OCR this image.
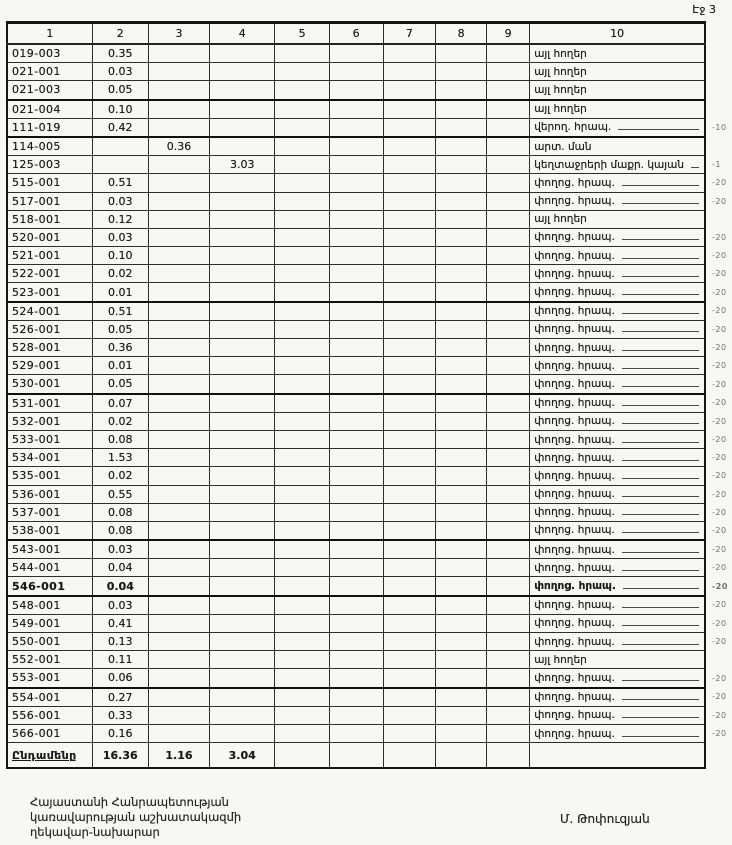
Էջ 3
1	2	3	4	5	6	7	8	9	10	
019-003	0.35								այլ հողեր	

021-001	0.03								այլ հողեր	

021-003	0.05								այլ հողեր	

021-004	0.10								այլ հողեր	

111-019	0.42								վերող. հրապ.	-10
114-005		0.36							արտ. ման	

125-003			3.03						կեղտաջրերի մաքր. կայան	-1
515-001	0.51								փողոց. հրապ.	-20
517-001	0.03								փողոց. հրապ.	-20
518-001	0.12								այլ հողեր	

520-001	0.03								փողոց. հրապ.	-20
521-001	0.10								փողոց. հրապ.	-20
522-001	0.02								փողոց. հրապ.	-20
523-001	0.01								փողոց. հրապ.	-20
524-001	0.51								փողոց. հրապ.	-20
526-001	0.05								փողոց. հրապ.	-20
528-001	0.36								փողոց. հրապ.	-20
529-001	0.01								փողոց. հրապ.	-20
530-001	0.05								փողոց. հրապ.	-20
531-001	0.07								փողոց. հրապ.	-20
532-001	0.02								փողոց. հրապ.	-20
533-001	0.08								փողոց. հրապ.	-20
534-001	1.53								փողոց. հրապ.	-20
535-001	0.02								փողոց. հրապ.	-20
536-001	0.55								փողոց. հրապ.	-20
537-001	0.08								փողոց. հրապ.	-20
538-001	0.08								փողոց. հրապ.	-20
543-001	0.03								փողոց. հրապ.	-20
544-001	0.04								փողոց. հրապ.	-20
546-001	0.04								փողոց. հրապ.	-20
548-001	0.03								փողոց. հրապ.	-20
549-001	0.41								փողոց. հրապ.	-20
550-001	0.13								փողոց. հրապ.	-20
552-001	0.11								այլ հողեր	

553-001	0.06								փողոց. հրապ.	-20
554-001	0.27								փողոց. հրապ.	-20
556-001	0.33								փողոց. հրապ.	-20
566-001	0.16								փողոց. հրապ.	-20
Ընդամենը	16.36	1.16	3.04							
Հայաստանի Հանրապետության
կառավարության աշխատակազմի
ղեկավար-նախարար
Մ. Թոփուզյան
